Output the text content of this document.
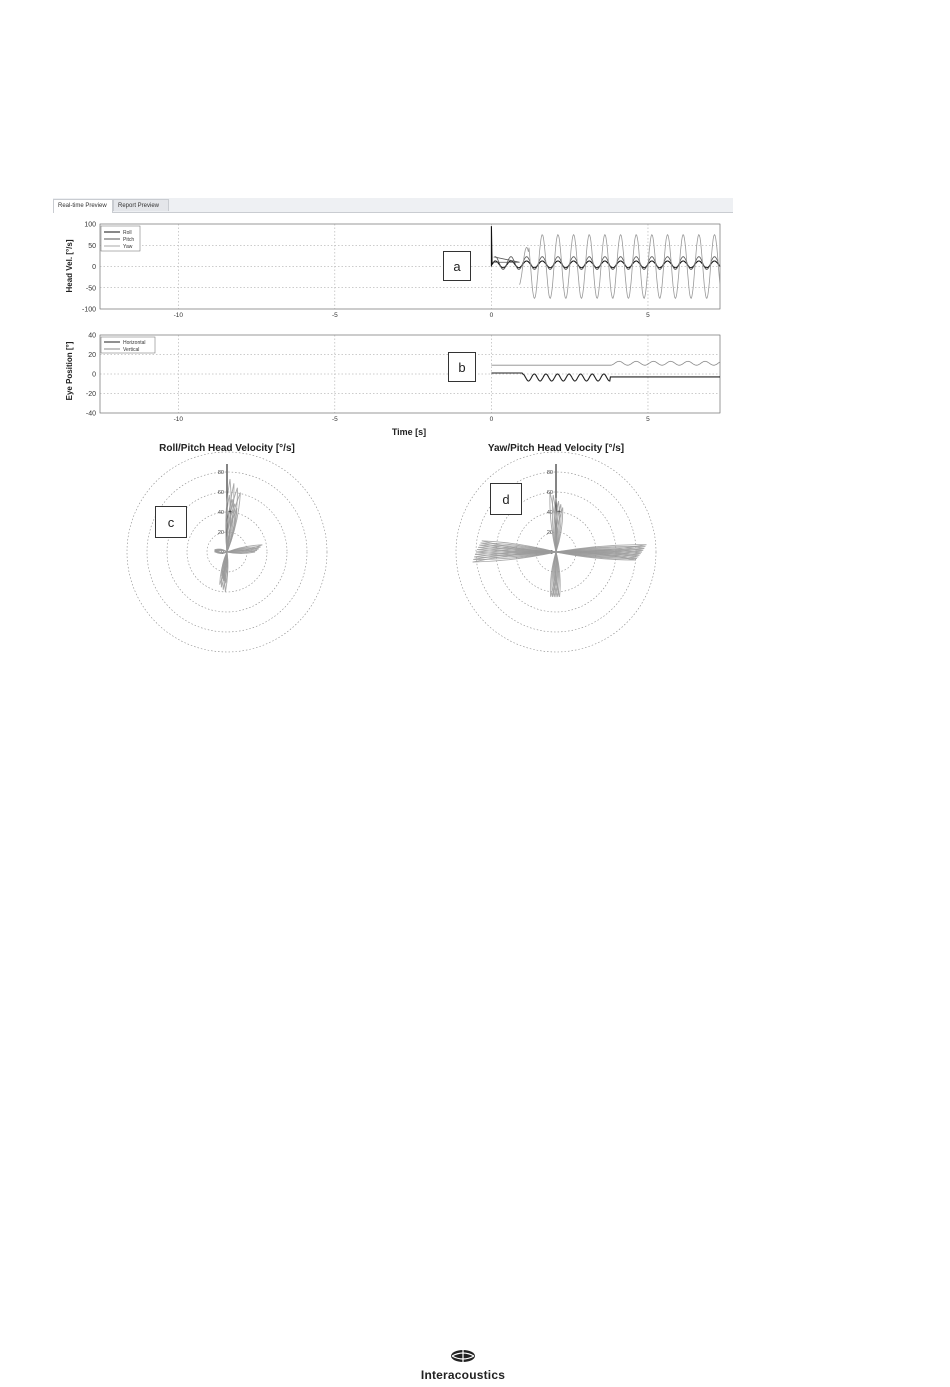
Real-time Preview	Report Preview
100
50
0
-50
-100
-10	-5	0	5
Head Vel. [°/s]
Roll
Pitch
Yaw
40
20
0
-20
-40
-10	-5	0	5
Eye Position [°]
Time [s]
Horizontal
Vertical
Roll/Pitch Head Velocity [°/s]
0
20
40
60
80
+
Yaw/Pitch Head Velocity [°/s]
0
20
40
60
80
+
a
b
c
d
Interacoustics
